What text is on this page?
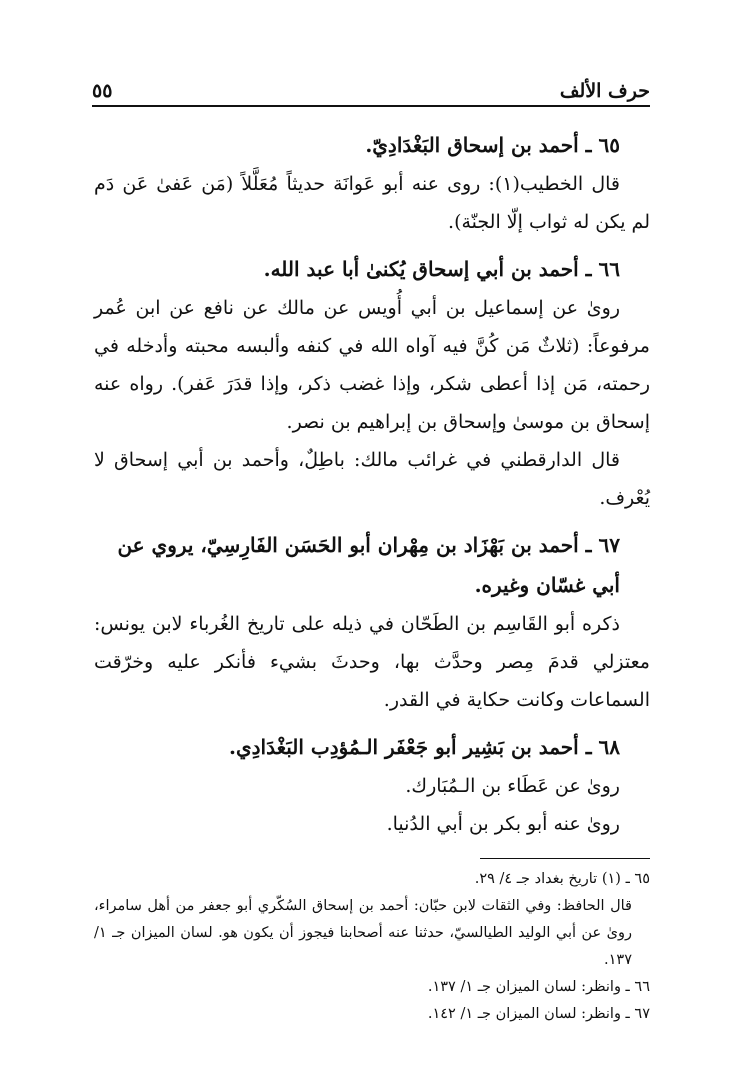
حرف الألف
٥٥
٦٥ ـ أحمد بن إسحاق البَغْدَادِيّ.
قال الخطيب(١): روى عنه أبو عَوانَة حديثاً مُعَلَّلاً (مَن عَفىٰ عَن دَم لم يكن له ثواب إلّا الجنّة).
٦٦ ـ أحمد بن أبي إسحاق يُكنىٰ أبا عبد الله.
روىٰ عن إسماعيل بن أبي أُويس عن مالك عن نافع عن ابن عُمر مرفوعاً: (ثلاثٌ مَن كُنَّ فيه آواه الله في كنفه وألبسه محبته وأدخله في رحمته، مَن إذا أعطى شكر، وإذا غضب ذكر، وإذا قدَرَ عَفر). رواه عنه إسحاق بن موسىٰ وإسحاق بن إبراهيم بن نصر.
قال الدارقطني في غرائب مالك: باطِلٌ، وأحمد بن أبي إسحاق لا يُعْرف.
٦٧ ـ أحمد بن بَهْزَاد بن مِهْران أبو الحَسَن الفَارِسِيّ، يروي عن أبي غسّان وغيره.
ذكره أبو القَاسِم بن الطَحّان في ذيله على تاريخ الغُرباء لابن يونس: معتزلي قدمَ مِصر وحدَّث بها، وحدثَ بشيء فأنكر عليه وخرّقت السماعات وكانت حكاية في القدر.
٦٨ ـ أحمد بن بَشِير أبو جَعْفَر الـمُؤدِب البَغْدَادِي.
روىٰ عن عَطَاء بن الـمُبَارك.
روىٰ عنه أبو بكر بن أبي الدُنيا.
٦٥ ـ (١) تاريخ بغداد جـ ٤/ ٢٩.
قال الحافظ: وفي الثقات لابن حبّان: أحمد بن إسحاق السُكّري أبو جعفر من أهل سامراء، روىٰ عن أبي الوليد الطيالسيّ، حدثنا عنه أصحابنا فيجوز أن يكون هو. لسان الميزان جـ ١/ ١٣٧.
٦٦ ـ وانظر: لسان الميزان جـ ١/ ١٣٧.
٦٧ ـ وانظر: لسان الميزان جـ ١/ ١٤٢.
